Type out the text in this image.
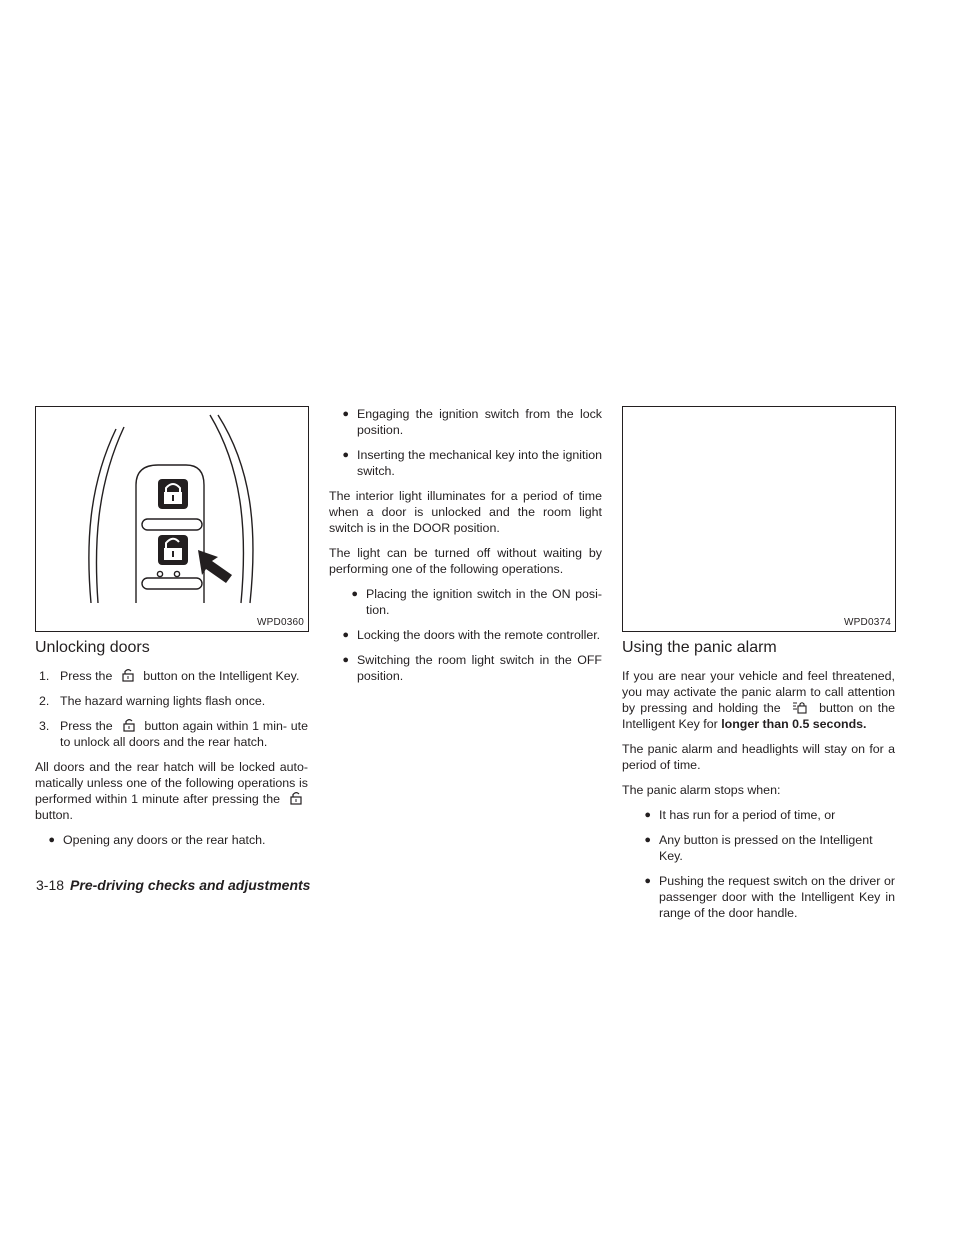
WPD0360	WPD0374
Unlocking doors
1. Press the button on the Intelligent Key.
2. The hazard warning lights flash once.
3. Press the	button again within 1 min- ute to unlock all doors and the rear hatch.

All doors and the rear hatch will be locked auto- matically unless one of the following operations is performed within 1 minute after pressing the  button.

● Opening any doors or the rear hatch.
● Engaging the ignition switch from the lock position.
● Inserting the mechanical key into the ignition switch.

The interior light illuminates for a period of time when a door is unlocked and the room light switch is in the DOOR position.

The light can be turned off without waiting by performing one of the following operations.

● Placing the ignition switch in the ON posi- tion.
● Locking the doors with the remote controller.
● Switching the room light switch in the OFF position.
Using the panic alarm

If you are near your vehicle and feel threatened, you may activate the panic alarm to call attention by pressing and holding the	button on the Intelligent Key for longer than 0.5 seconds.

The panic alarm and headlights will stay on for a period of time.

The panic alarm stops when:

● It has run for a period of time, or
● Any button is pressed on the Intelligent Key.
● Pushing the request switch on the driver or passenger door with the Intelligent Key in range of the door handle.
3-18 Pre-driving checks and adjustments
